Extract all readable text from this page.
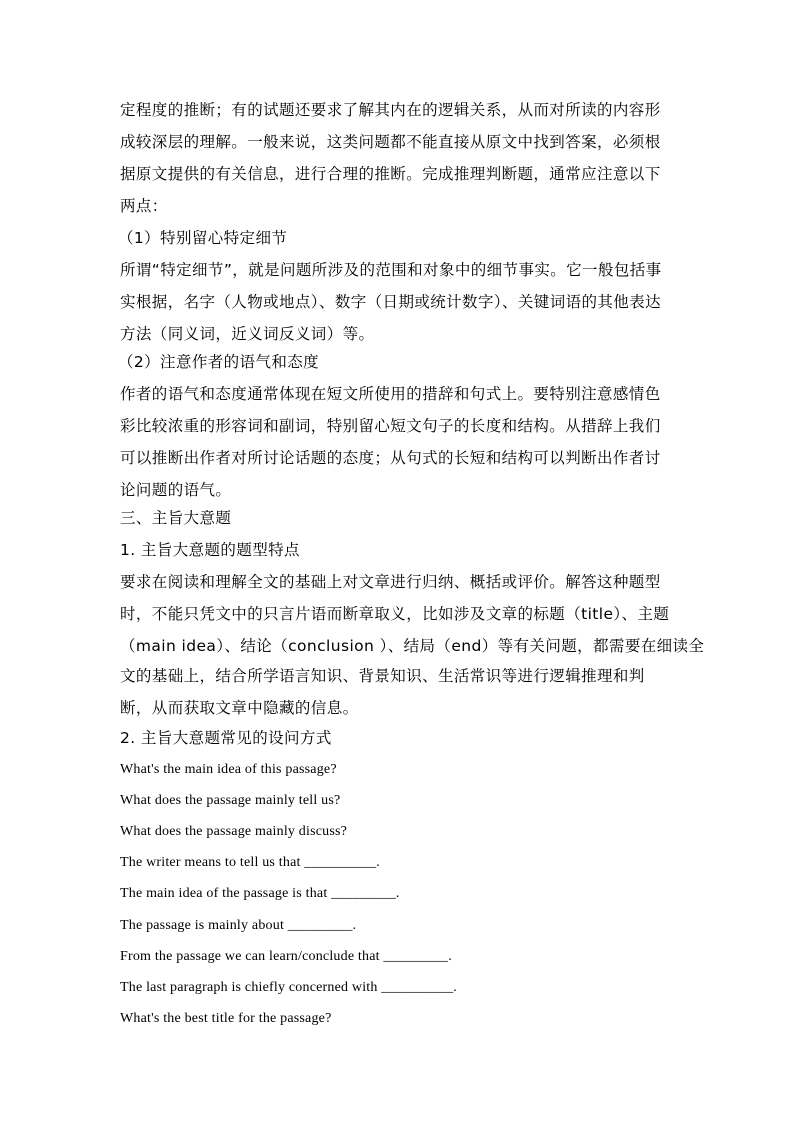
定程度的推断；有的试题还要求了解其内在的逻辑关系，从而对所读的内容形
成较深层的理解。一般来说，这类问题都不能直接从原文中找到答案，必须根
据原文提供的有关信息，进行合理的推断。完成推理判断题，通常应注意以下
两点：
（1）特别留心特定细节
所谓“特定细节”，就是问题所涉及的范围和对象中的细节事实。它一般包括事
实根据，名字（人物或地点）、数字（日期或统计数字）、关键词语的其他表达
方法（同义词，近义词反义词）等。
（2）注意作者的语气和态度
作者的语气和态度通常体现在短文所使用的措辞和句式上。要特别注意感情色
彩比较浓重的形容词和副词，特别留心短文句子的长度和结构。从措辞上我们
可以推断出作者对所讨论话题的态度；从句式的长短和结构可以判断出作者讨
论问题的语气。
三、主旨大意题
1. 主旨大意题的题型特点
要求在阅读和理解全文的基础上对文章进行归纳、概括或评价。解答这种题型
时，不能只凭文中的只言片语而断章取义，比如涉及文章的标题（title）、主题
（main idea）、结论（conclusion ）、结局（end）等有关问题，都需要在细读全
文的基础上，结合所学语言知识、背景知识、生活常识等进行逻辑推理和判
断，从而获取文章中隐藏的信息。
2. 主旨大意题常见的设问方式
What's the main idea of this passage?
What does the passage mainly tell us?
What does the passage mainly discuss?
The writer means to tell us that __________.
The main idea of the passage is that _________.
The passage is mainly about _________.
From the passage we can learn/conclude that _________.
The last paragraph is chiefly concerned with __________.
What's the best title for the passage?
